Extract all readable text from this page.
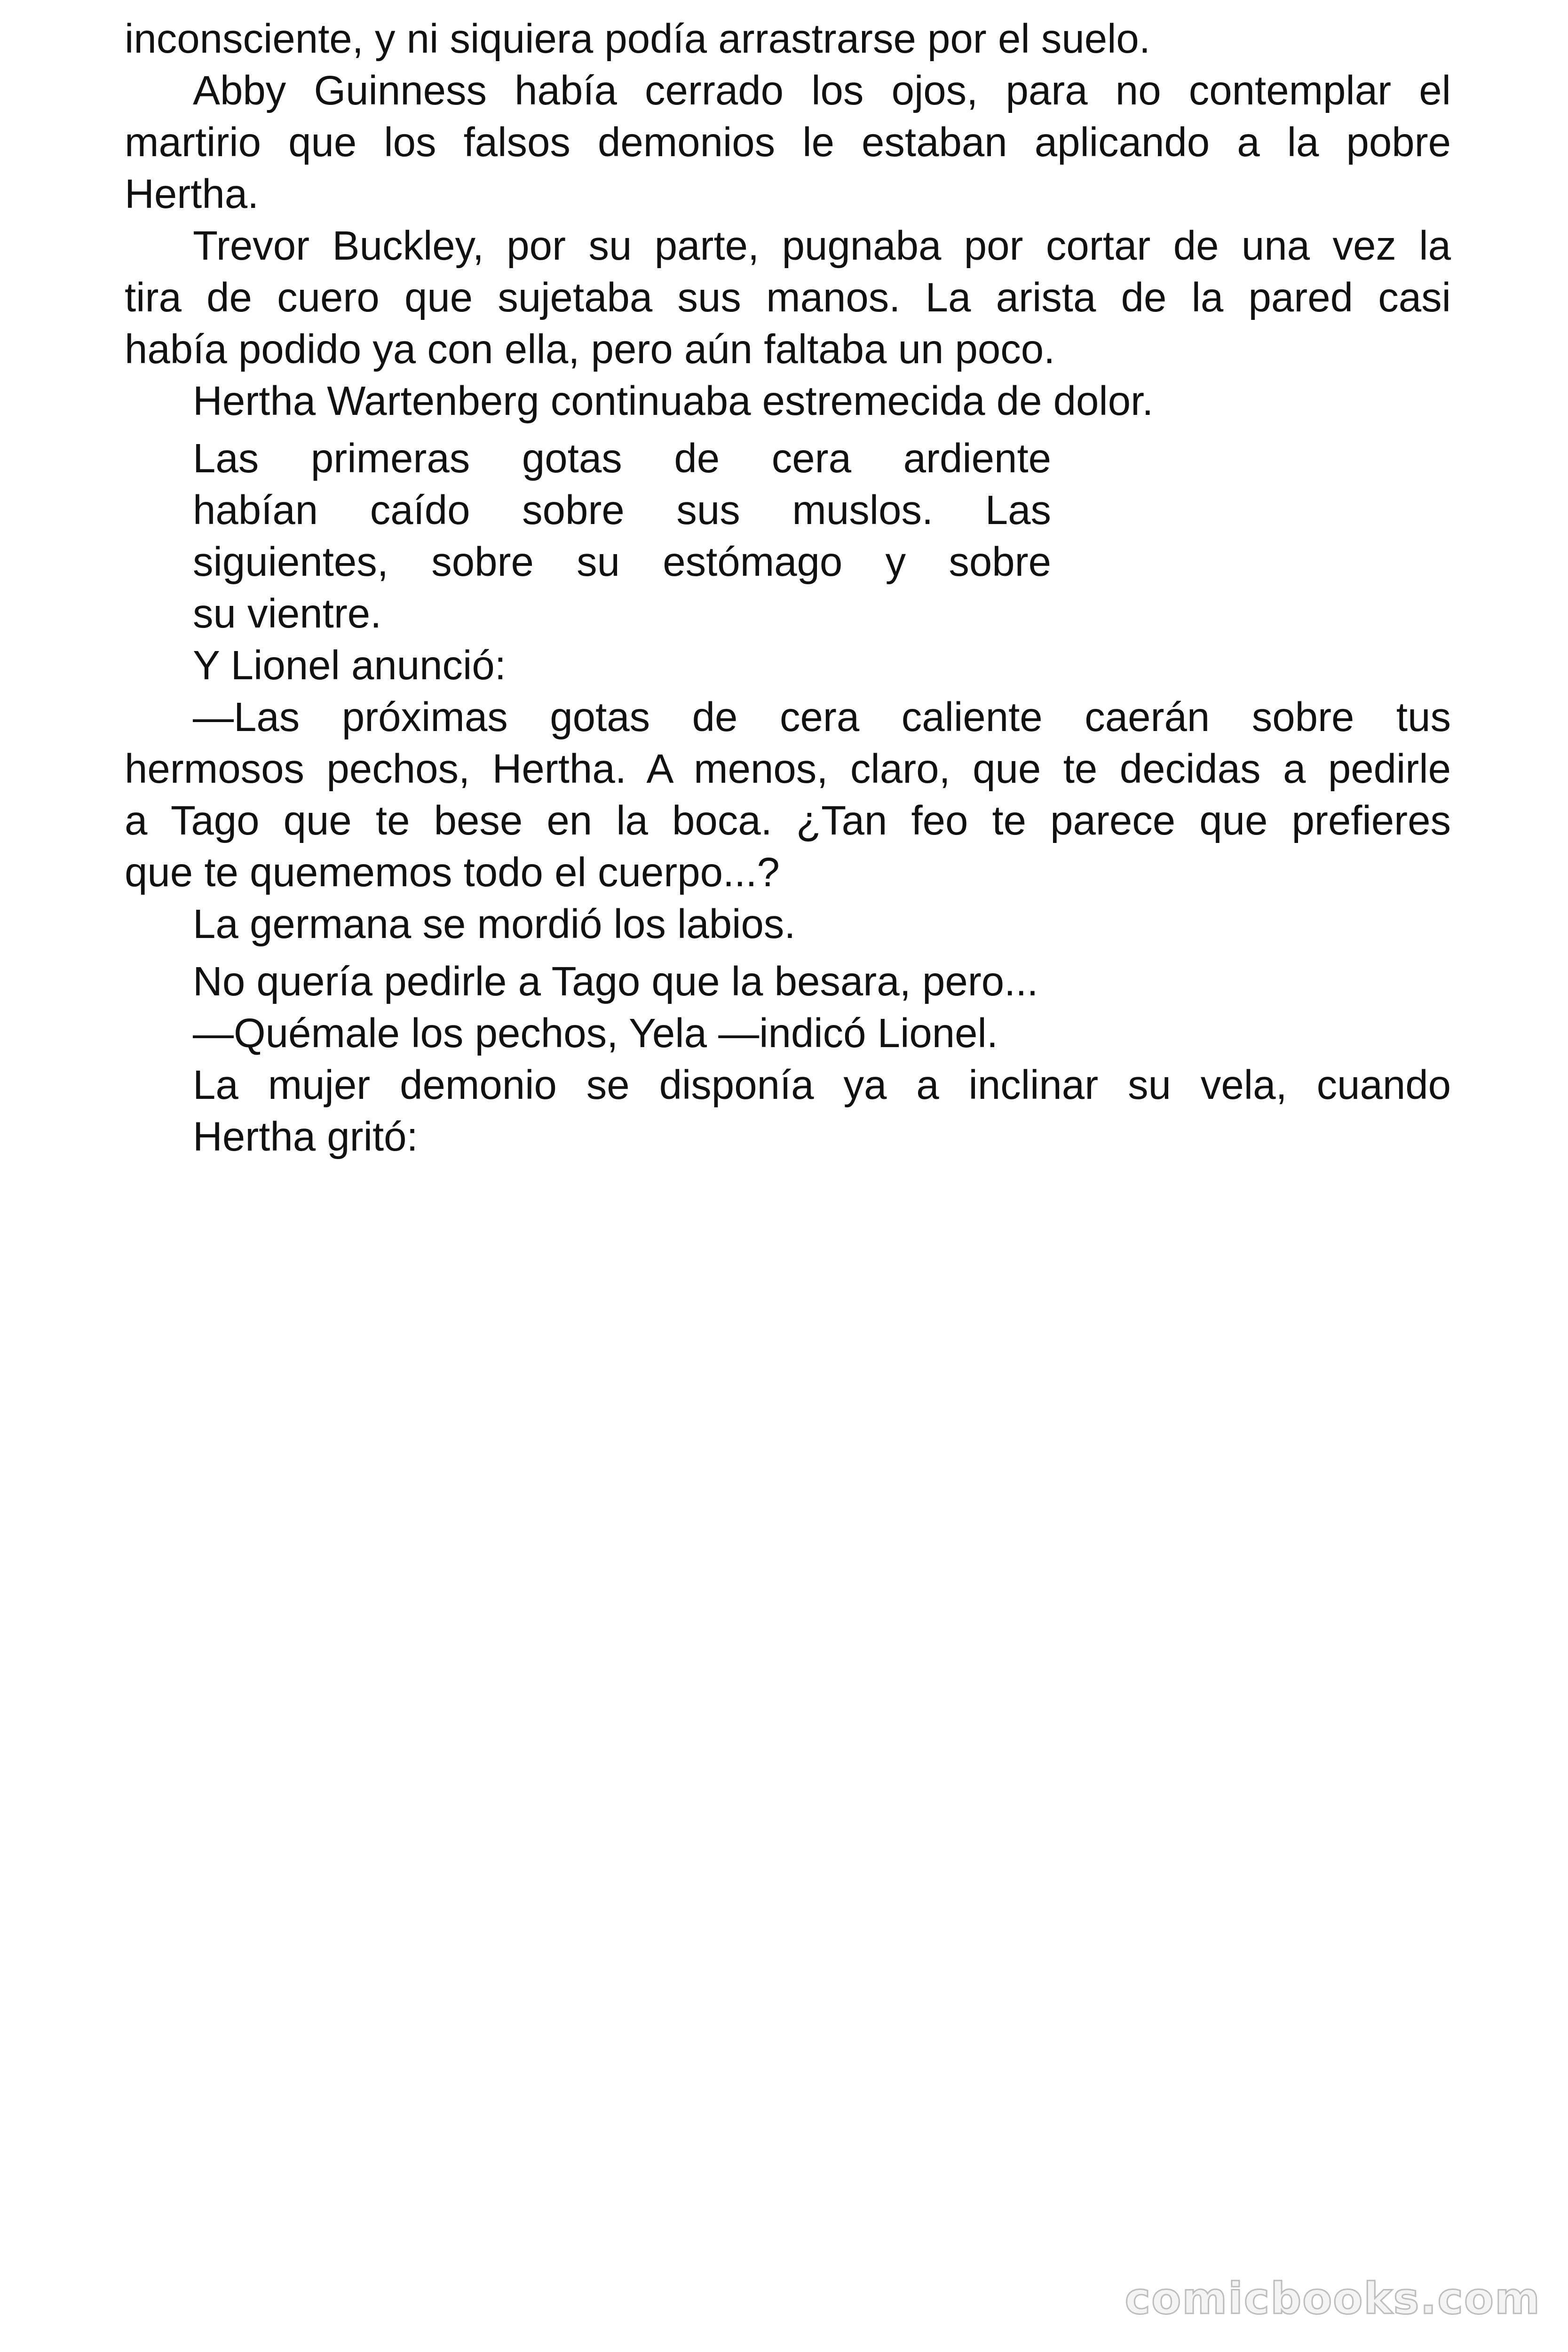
inconsciente, y ni siquiera podía arrastrarse por el suelo.
Abby Guinness había cerrado los ojos, para no contemplar el
martirio que los falsos demonios le estaban aplicando a la pobre
Hertha.
Trevor Buckley, por su parte, pugnaba por cortar de una vez la
tira de cuero que sujetaba sus manos. La arista de la pared casi
había podido ya con ella, pero aún faltaba un poco.
Hertha Wartenberg continuaba estremecida de dolor.
Las primeras gotas de cera ardiente
habían caído sobre sus muslos. Las
siguientes, sobre su estómago y sobre
su vientre.
Y Lionel anunció:
—Las próximas gotas de cera caliente caerán sobre tus
hermosos pechos, Hertha. A menos, claro, que te decidas a pedirle
a Tago que te bese en la boca. ¿Tan feo te parece que prefieres
que te quememos todo el cuerpo...?
La germana se mordió los labios.
No quería pedirle a Tago que la besara, pero...
—Quémale los pechos, Yela —indicó Lionel.
La mujer demonio se disponía ya a inclinar su vela, cuando
Hertha gritó:
comicbooks.com
